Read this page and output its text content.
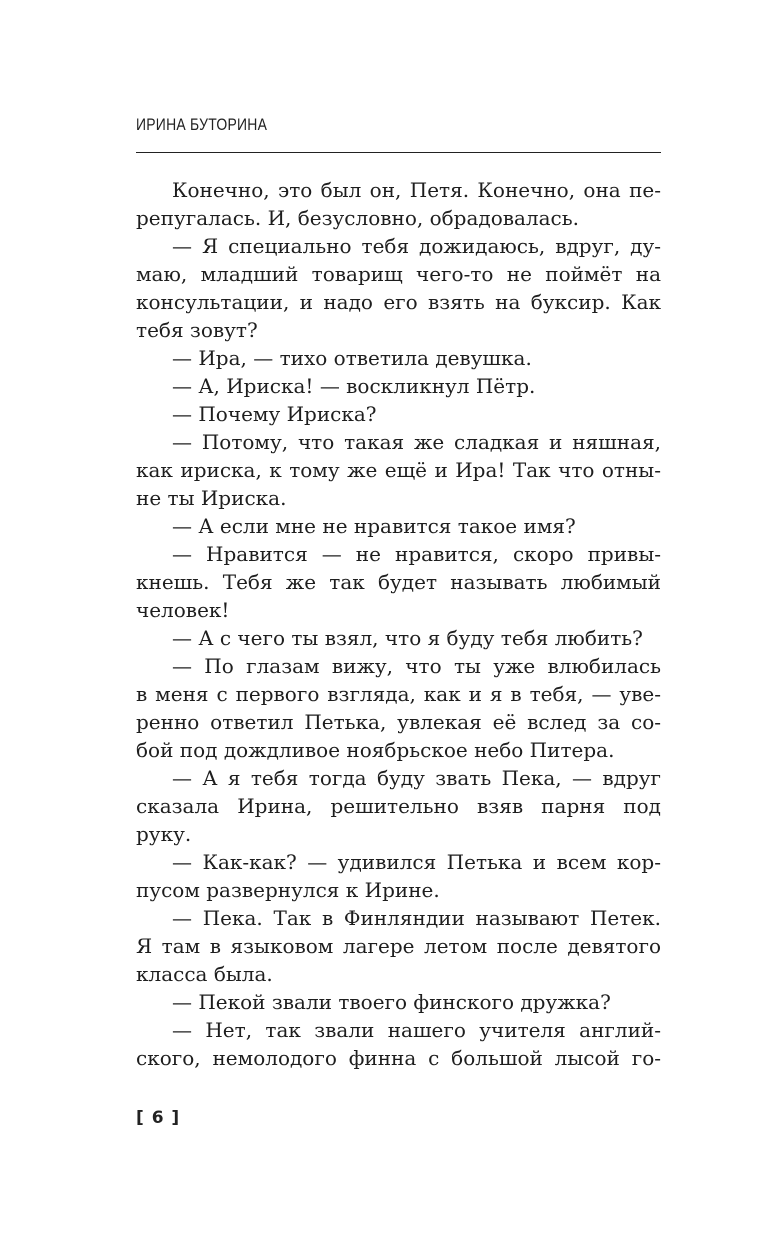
ИРИНА БУТОРИНА
Конечно, это был он, Петя. Конечно, она пе-
репугалась. И, безусловно, обрадовалась.
— Я специально тебя дожидаюсь, вдруг, ду-
маю, младший товарищ чего-то не поймёт на
консультации, и надо его взять на буксир. Как
тебя зовут?
— Ира, — тихо ответила девушка.
— А, Ириска! — воскликнул Пётр.
— Почему Ириска?
— Потому, что такая же сладкая и няшная,
как ириска, к тому же ещё и Ира! Так что отны-
не ты Ириска.
— А если мне не нравится такое имя?
— Нравится — не нравится, скоро привы-
кнешь. Тебя же так будет называть любимый
человек!
— А с чего ты взял, что я буду тебя любить?
— По глазам вижу, что ты уже влюбилась
в меня с первого взгляда, как и я в тебя, — уве-
ренно ответил Петька, увлекая её вслед за со-
бой под дождливое ноябрьское небо Питера.
— А я тебя тогда буду звать Пека, — вдруг
сказала Ирина, решительно взяв парня под
руку.
— Как-как? — удивился Петька и всем кор-
пусом развернулся к Ирине.
— Пека. Так в Финляндии называют Петек.
Я там в языковом лагере летом после девятого
класса была.
— Пекой звали твоего финского дружка?
— Нет, так звали нашего учителя англий-
ского, немолодого финна с большой лысой го-
[ 6 ]
